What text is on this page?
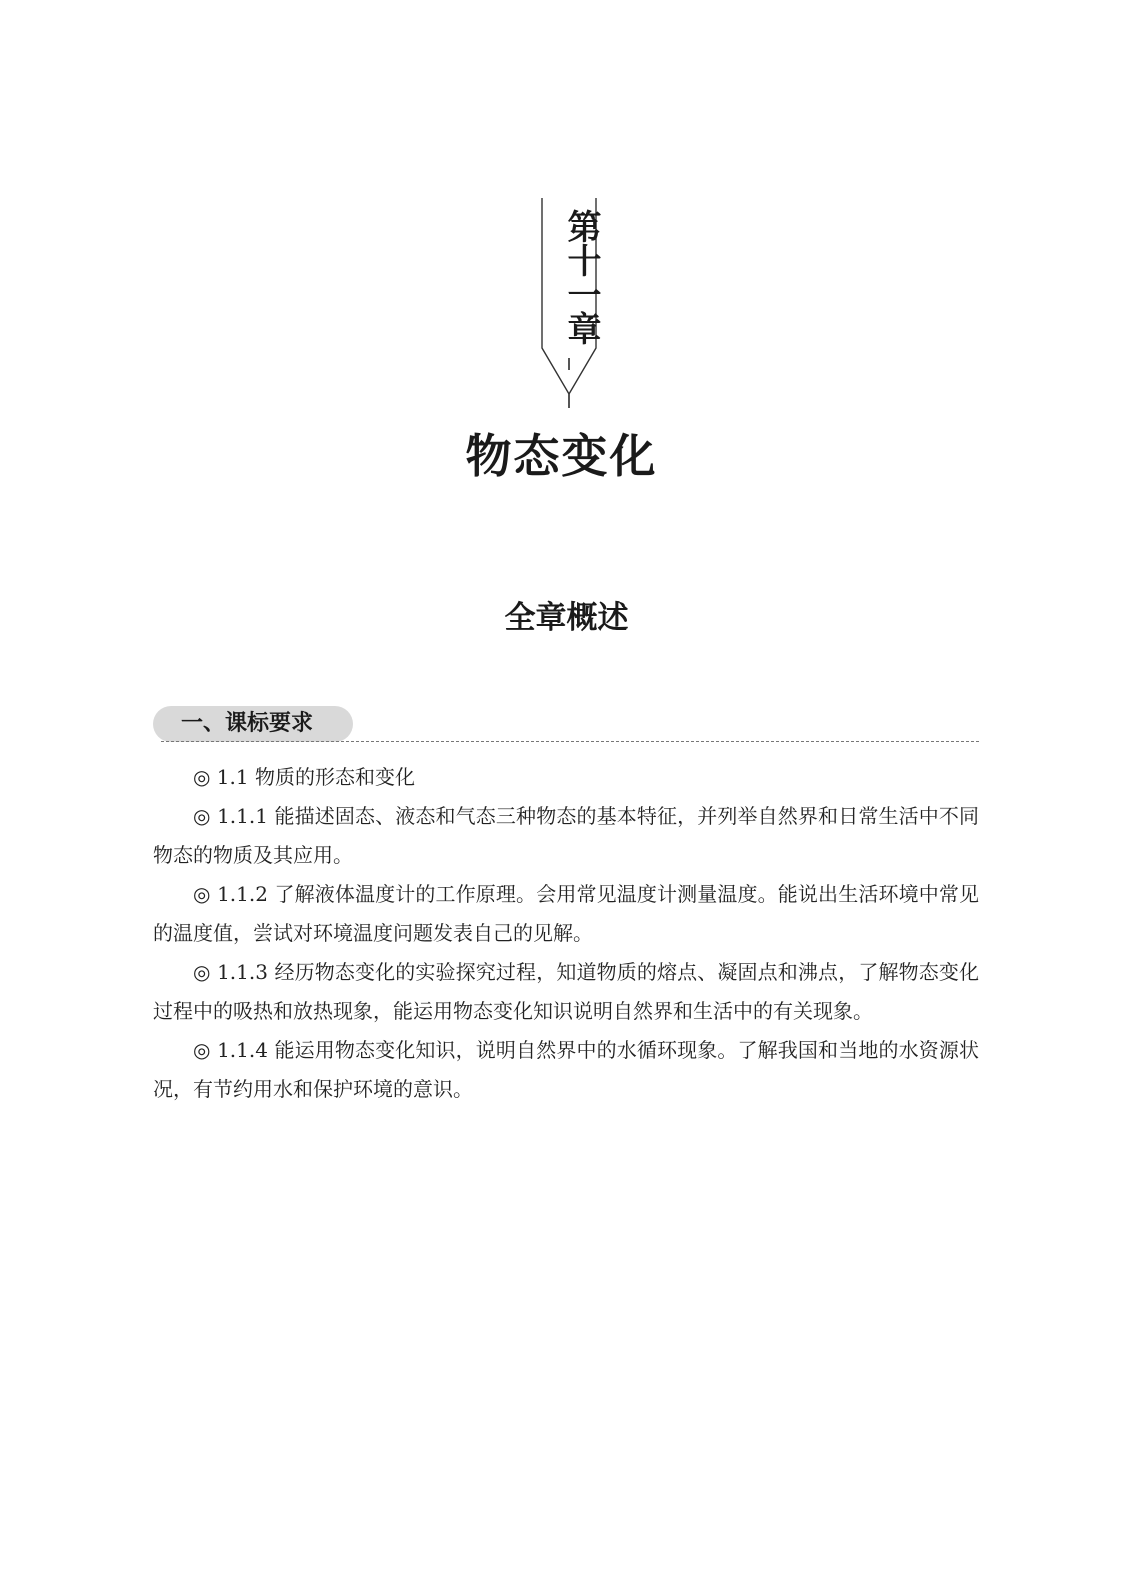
第十一章
物态变化
全章概述
一、课标要求

◎ 1.1 物质的形态和变化

◎ 1.1.1 能描述固态、液态和气态三种物态的基本特征，并列举自然界和日常生活中不同物态的物质及其应用。

◎ 1.1.2 了解液体温度计的工作原理。会用常见温度计测量温度。能说出生活环境中常见的温度值，尝试对环境温度问题发表自己的见解。

◎ 1.1.3 经历物态变化的实验探究过程，知道物质的熔点、凝固点和沸点，了解物态变化过程中的吸热和放热现象，能运用物态变化知识说明自然界和生活中的有关现象。

◎ 1.1.4 能运用物态变化知识，说明自然界中的水循环现象。了解我国和当地的水资源状况，有节约用水和保护环境的意识。
